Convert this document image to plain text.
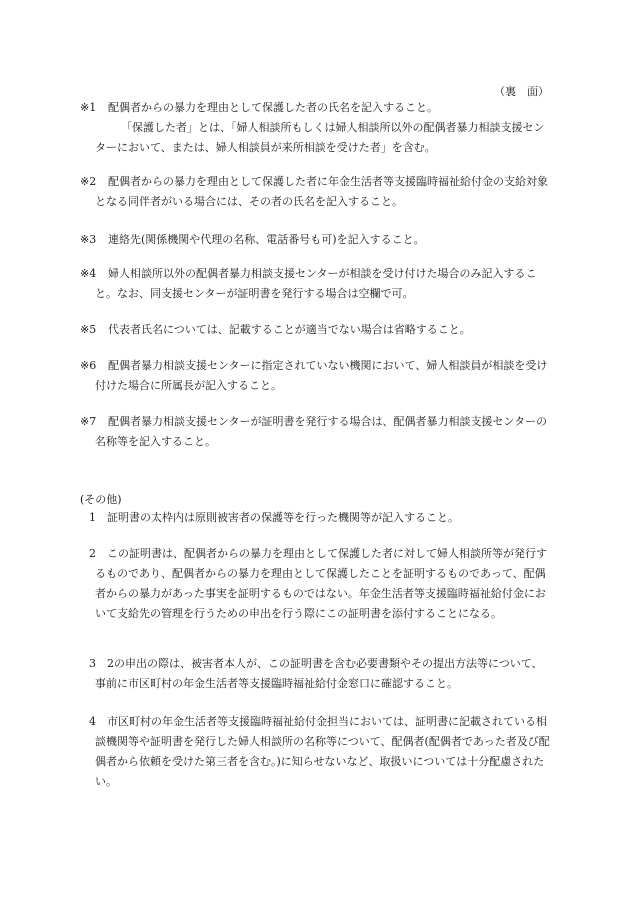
（裏　面）
※1	配偶者からの暴力を理由として保護した者の氏名を記入すること。
「保護した者」とは、「婦人相談所もしくは婦人相談所以外の配偶者暴力相談支援センターにおいて、または、婦人相談員が来所相談を受けた者」を含む。
※2	配偶者からの暴力を理由として保護した者に年金生活者等支援臨時福祉給付金の支給対象となる同伴者がいる場合には、その者の氏名を記入すること。
※3	連絡先(関係機関や代理の名称、電話番号も可)を記入すること。
※4	婦人相談所以外の配偶者暴力相談支援センターが相談を受け付けた場合のみ記入すること。なお、同支援センターが証明書を発行する場合は空欄で可。
※5	代表者氏名については、記載することが適当でない場合は省略すること。
※6	配偶者暴力相談支援センターに指定されていない機関において、婦人相談員が相談を受け付けた場合に所属長が記入すること。
※7	配偶者暴力相談支援センターが証明書を発行する場合は、配偶者暴力相談支援センターの名称等を記入すること。
(その他)
1	証明書の太枠内は原則被害者の保護等を行った機関等が記入すること。
2	この証明書は、配偶者からの暴力を理由として保護した者に対して婦人相談所等が発行するものであり、配偶者からの暴力を理由として保護したことを証明するものであって、配偶者からの暴力があった事実を証明するものではない。年金生活者等支援臨時福祉給付金において支給先の管理を行うための申出を行う際にこの証明書を添付することになる。
3	2の申出の際は、被害者本人が、この証明書を含む必要書類やその提出方法等について、事前に市区町村の年金生活者等支援臨時福祉給付金窓口に確認すること。
4	市区町村の年金生活者等支援臨時福祉給付金担当においては、証明書に記載されている相談機関等や証明書を発行した婦人相談所の名称等について、配偶者(配偶者であった者及び配偶者から依頼を受けた第三者を含む。)に知らせないなど、取扱いについては十分配慮されたい。
